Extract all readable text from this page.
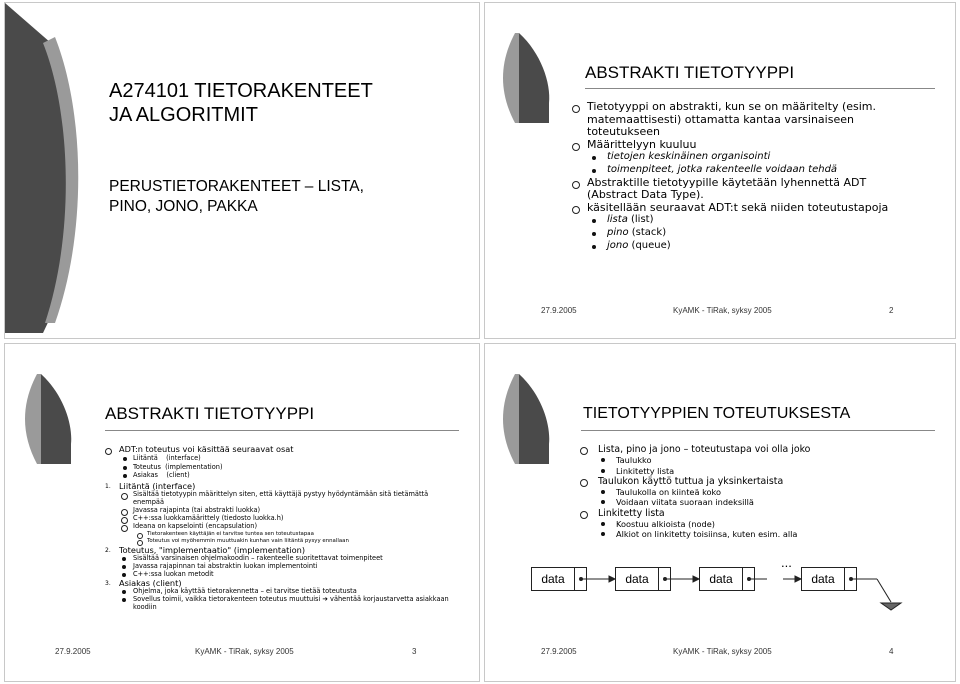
A274101 TIETORAKENTEET
JA ALGORITMIT
PERUSTIETORAKENTEET – LISTA,
PINO, JONO, PAKKA
ABSTRAKTI TIETOTYYPPI
Tietotyyppi on abstrakti, kun se on määritelty (esim. matemaattisesti) ottamatta kantaa varsinaiseen toteutukseen
Määrittelyyn kuuluu
tietojen keskinäinen organisointi
toimenpiteet, jotka rakenteelle voidaan tehdä
Abstraktille tietotyypille käytetään lyhennettä ADT (Abstract Data Type).
käsitellään seuraavat ADT:t sekä niiden toteutustapoja
lista (list)
pino (stack)
jono (queue)
27.9.2005	KyAMK - TiRak, syksy 2005	2
ABSTRAKTI TIETOTYYPPI
ADT:n toteutus voi käsittää seuraavat osat
Liitäntä    (interface)
Toteutus  (implementation)
Asiakas    (client)
1. Liitäntä (interface)
Sisältää tietotyypin määrittelyn siten, että käyttäjä pystyy hyödyntämään sitä tietämättä enempää
Javassa rajapinta (tai abstrakti luokka)
C++:ssa luokkamäärittely (tiedosto luokka.h)
Ideana on kapselointi (encapsulation)
Tietorakenteen käyttäjän ei tarvitse tuntea sen toteutustapaa
Toteutus voi myöhemmin muuttuakin kunhan vain liitäntä pysyy ennallaan
2. Toteutus, "implementaatio" (implementation)
Sisältää varsinaisen ohjelmakoodin – rakenteelle suoritettavat toimenpiteet
Javassa rajapinnan tai abstraktin luokan implementointi
C++:ssa luokan metodit
3. Asiakas (client)
Ohjelma, joka käyttää tietorakennetta – ei tarvitse tietää toteutusta
Sovellus toimii, vaikka tietorakenteen toteutus muuttuisi ➔ vähentää korjaustarvetta asiakkaan koodiin
27.9.2005	KyAMK - TiRak, syksy 2005	3
TIETOTYYPPIEN TOTEUTUKSESTA
Lista, pino ja jono – toteutustapa voi olla joko
Taulukko
Linkitetty lista
Taulukon käyttö tuttua ja yksinkertaista
Taulukolla on kiinteä koko
Voidaan viitata suoraan indeksillä
Linkitetty lista
Koostuu alkioista (node)
Alkiot on linkitetty toisiinsa, kuten esim. alla
data	data	data	data
...
27.9.2005	KyAMK - TiRak, syksy 2005	4
